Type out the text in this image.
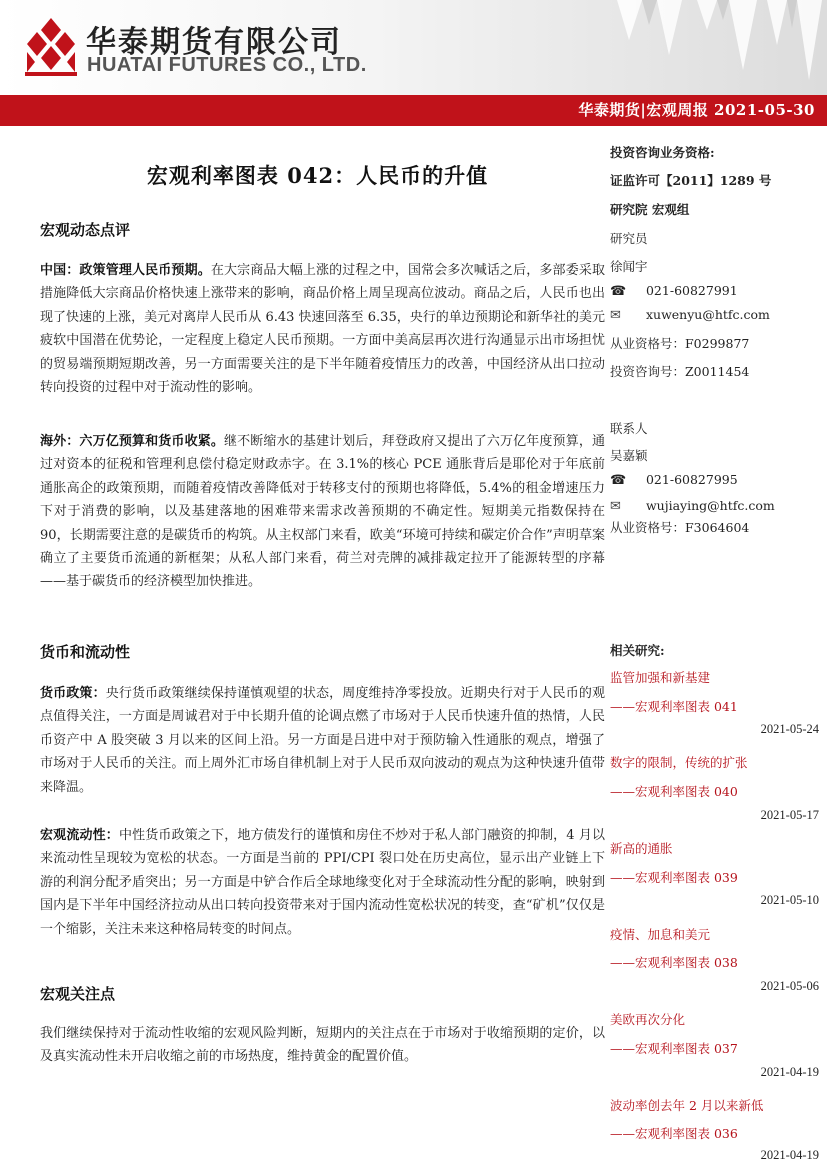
华泰期货有限公司
HUATAI FUTURES CO., LTD.
华泰期货|宏观周报 2021-05-30
宏观利率图表 042：人民币的升值
宏观动态点评
中国：政策管理人民币预期。在大宗商品大幅上涨的过程之中，国常会多次喊话之后，多部委采取措施降低大宗商品价格快速上涨带来的影响，商品价格上周呈现高位波动。商品之后，人民币也出现了快速的上涨，美元对离岸人民币从 6.43 快速回落至 6.35，央行的单边预期论和新华社的美元疲软中国潜在优势论，一定程度上稳定人民币预期。一方面中美高层再次进行沟通显示出市场担忧的贸易端预期短期改善，另一方面需要关注的是下半年随着疫情压力的改善，中国经济从出口拉动转向投资的过程中对于流动性的影响。
海外：六万亿预算和货币收紧。继不断缩水的基建计划后，拜登政府又提出了六万亿年度预算，通过对资本的征税和管理利息偿付稳定财政赤字。在 3.1%的核心 PCE 通胀背后是耶伦对于年底前通胀高企的政策预期，而随着疫情改善降低对于转移支付的预期也将降低，5.4%的租金增速压力下对于消费的影响，以及基建落地的困难带来需求改善预期的不确定性。短期美元指数保持在 90，长期需要注意的是碳货币的构筑。从主权部门来看，欧美“环境可持续和碳定价合作”声明草案确立了主要货币流通的新框架；从私人部门来看，荷兰对壳牌的减排裁定拉开了能源转型的序幕——基于碳货币的经济模型加快推进。
货币和流动性
货币政策：央行货币政策继续保持谨慎观望的状态，周度维持净零投放。近期央行对于人民币的观点值得关注，一方面是周诚君对于中长期升值的论调点燃了市场对于人民币快速升值的热情，人民币资产中 A 股突破 3 月以来的区间上沿。另一方面是吕进中对于预防输入性通胀的观点，增强了市场对于人民币的关注。而上周外汇市场自律机制上对于人民币双向波动的观点为这种快速升值带来降温。
宏观流动性：中性货币政策之下，地方债发行的谨慎和房住不炒对于私人部门融资的抑制，4 月以来流动性呈现较为宽松的状态。一方面是当前的 PPI/CPI 裂口处在历史高位，显示出产业链上下游的利润分配矛盾突出；另一方面是中铲合作后全球地缘变化对于全球流动性分配的影响，映射到国内是下半年中国经济拉动从出口转向投资带来对于国内流动性宽松状况的转变，查“矿机”仅仅是一个缩影，关注未来这种格局转变的时间点。
宏观关注点
我们继续保持对于流动性收缩的宏观风险判断，短期内的关注点在于市场对于收缩预期的定价，以及真实流动性未开启收缩之前的市场热度，维持黄金的配置价值。
投资咨询业务资格:
证监许可【2011】1289 号
研究院 宏观组
研究员
徐闻宇
☎ 021-60827991
✉ xuwenyu@htfc.com
从业资格号：F0299877
投资咨询号：Z0011454
联系人
吴嘉颖
☎ 021-60827995
✉ wujiaying@htfc.com
从业资格号：F3064604
相关研究:
监管加强和新基建
——宏观利率图表 041
2021-05-24
数字的限制，传统的扩张
——宏观利率图表 040
2021-05-17
新高的通胀
——宏观利率图表 039
2021-05-10
疫情、加息和美元
——宏观利率图表 038
2021-05-06
美欧再次分化
——宏观利率图表 037
2021-04-19
波动率创去年 2 月以来新低
——宏观利率图表 036
2021-04-19
